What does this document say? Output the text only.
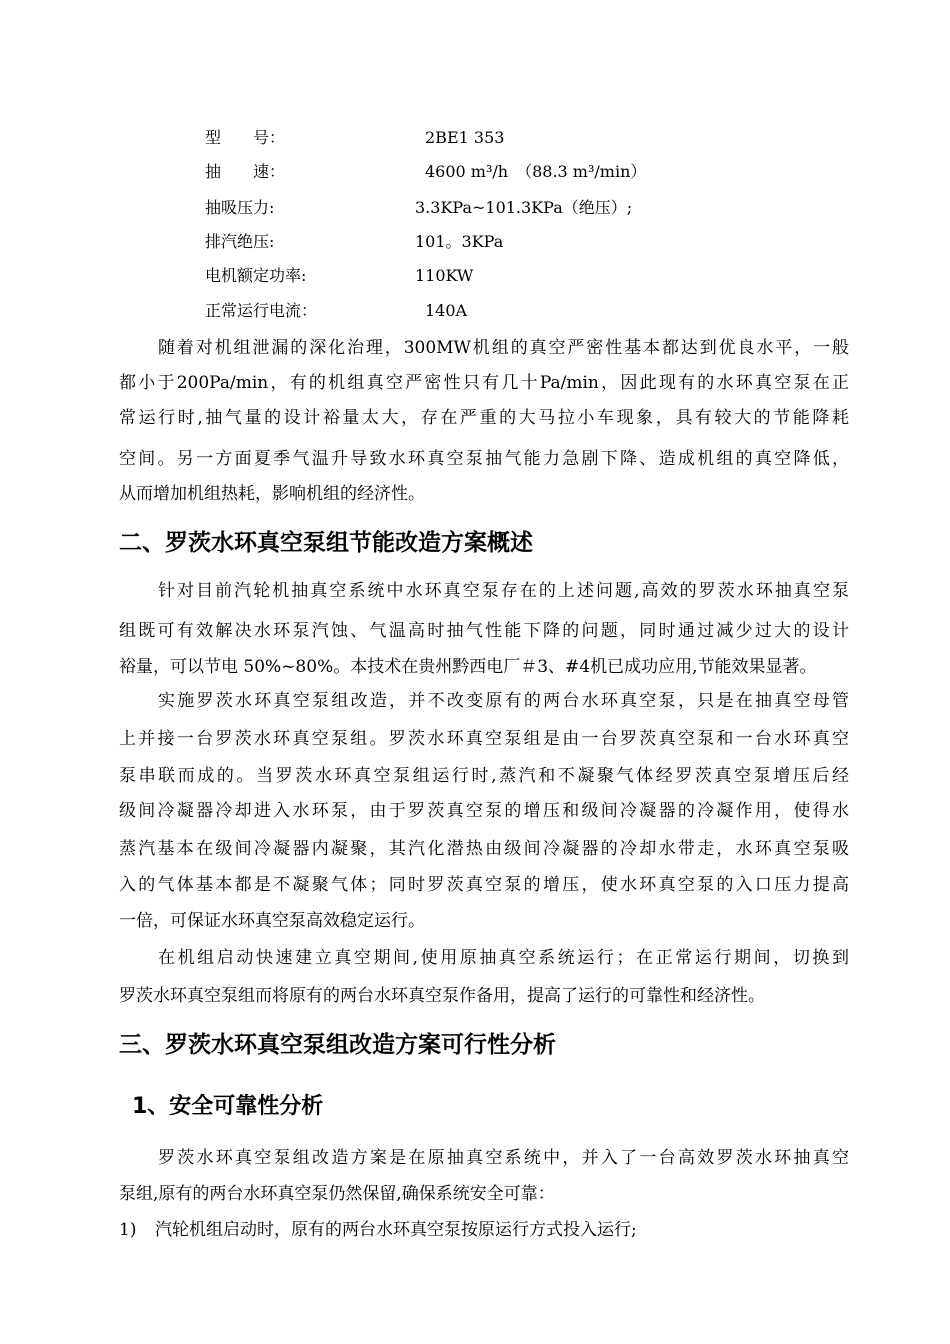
型　　号：	2BE1 353
抽　　速：	4600 m³/h　（88.3 m³/min）
抽吸压力:	3.3KPa~101.3KPa（绝压）;
排汽绝压:	101。3KPa
电机额定功率:	110KW
正常运行电流：	140A
随着对机组泄漏的深化治理，300MW机组的真空严密性基本都达到优良水平，一般
都小于200Pa/min，有的机组真空严密性只有几十Pa/min，因此现有的水环真空泵在正
常运行时,抽气量的设计裕量太大，存在严重的大马拉小车现象，具有较大的节能降耗
空间。另一方面夏季气温升导致水环真空泵抽气能力急剧下降、造成机组的真空降低，
从而增加机组热耗，影响机组的经济性。
二、罗茨水环真空泵组节能改造方案概述
针对目前汽轮机抽真空系统中水环真空泵存在的上述问题,高效的罗茨水环抽真空泵
组既可有效解决水环泵汽蚀、气温高时抽气性能下降的问题，同时通过减少过大的设计
裕量，可以节电 50%~80%。本技术在贵州黔西电厂＃3、#4机已成功应用,节能效果显著。
实施罗茨水环真空泵组改造，并不改变原有的两台水环真空泵，只是在抽真空母管
上并接一台罗茨水环真空泵组。罗茨水环真空泵组是由一台罗茨真空泵和一台水环真空
泵串联而成的。当罗茨水环真空泵组运行时,蒸汽和不凝聚气体经罗茨真空泵增压后经
级间冷凝器冷却进入水环泵，由于罗茨真空泵的增压和级间冷凝器的冷凝作用，使得水
蒸汽基本在级间冷凝器内凝聚，其汽化潜热由级间冷凝器的冷却水带走，水环真空泵吸
入的气体基本都是不凝聚气体；同时罗茨真空泵的增压，使水环真空泵的入口压力提高
一倍，可保证水环真空泵高效稳定运行。
在机组启动快速建立真空期间,使用原抽真空系统运行；在正常运行期间，切换到
罗茨水环真空泵组而将原有的两台水环真空泵作备用，提高了运行的可靠性和经济性。
三、罗茨水环真空泵组改造方案可行性分析
1、安全可靠性分析
罗茨水环真空泵组改造方案是在原抽真空系统中，并入了一台高效罗茨水环抽真空
泵组,原有的两台水环真空泵仍然保留,确保系统安全可靠：
1) 汽轮机组启动时，原有的两台水环真空泵按原运行方式投入运行;
